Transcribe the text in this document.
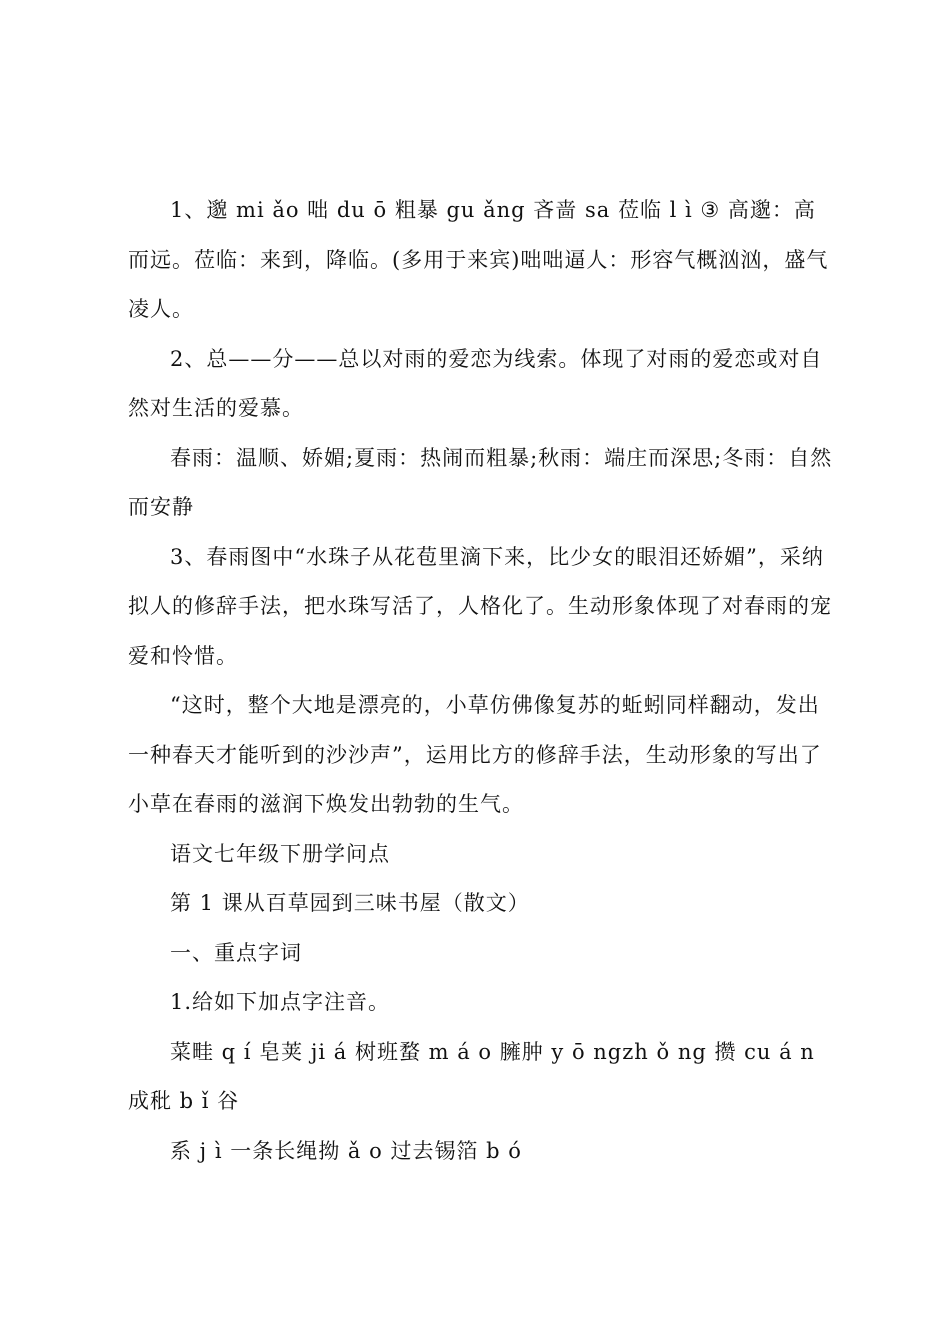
1、邈 mi ǎo 咄 du ō 粗暴 gu ǎng 吝啬 sa 莅临 l ì ③ 高邈：高而远。莅临：来到，降临。(多用于来宾)咄咄逼人：形容气概汹汹，盛气凌人。

2、总——分——总以对雨的爱恋为线索。体现了对雨的爱恋或对自然对生活的爱慕。

春雨：温顺、娇媚;夏雨：热闹而粗暴;秋雨：端庄而深思;冬雨：自然而安静

3、春雨图中“水珠子从花苞里滴下来，比少女的眼泪还娇媚”，采纳拟人的修辞手法，把水珠写活了，人格化了。生动形象体现了对春雨的宠爱和怜惜。

“这时，整个大地是漂亮的，小草仿佛像复苏的蚯蚓同样翻动，发出一种春天才能听到的沙沙声”，运用比方的修辞手法，生动形象的写出了小草在春雨的滋润下焕发出勃勃的生气。

语文七年级下册学问点

第 1 课从百草园到三味书屋（散文）

一、重点字词

1.给如下加点字注音。

菜畦 q í 皂荚 ji á 树班蝥 m á o 臃肿 y ō ngzh ǒ ng 攒 cu á n 成秕 b ǐ 谷

系 j ì 一条长绳拗 ǎ o 过去锡箔 b ó
